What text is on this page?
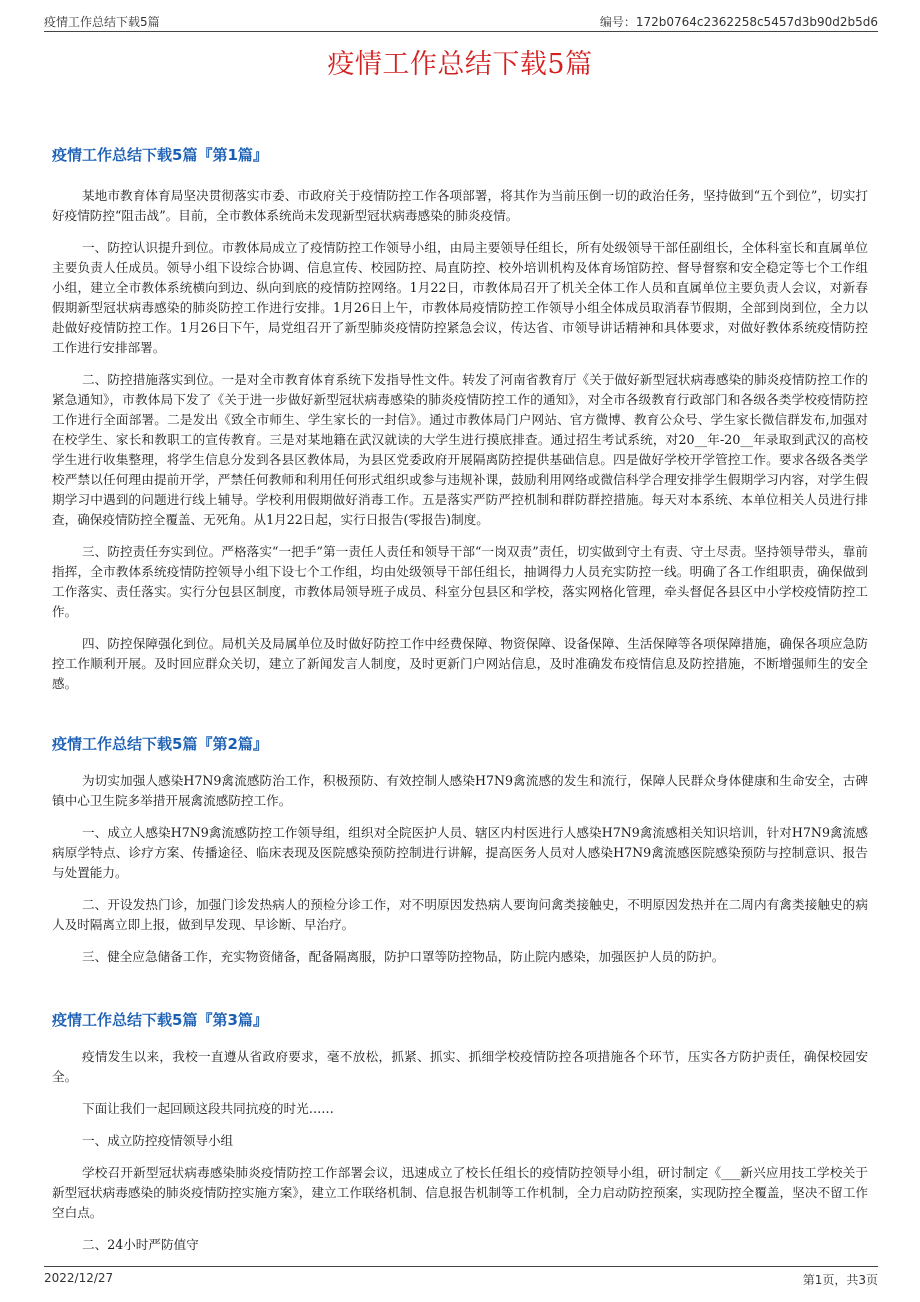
疫情工作总结下载5篇	编号：172b0764c2362258c5457d3b90d2b5d6
疫情工作总结下载5篇
疫情工作总结下载5篇『第1篇』

某地市教育体育局坚决贯彻落实市委、市政府关于疫情防控工作各项部署，将其作为当前压倒一切的政治任务，坚持做到“五个到位”，切实打好疫情防控“阻击战”。目前，全市教体系统尚未发现新型冠状病毒感染的肺炎疫情。

一、防控认识提升到位。市教体局成立了疫情防控工作领导小组，由局主要领导任组长，所有处级领导干部任副组长，全体科室长和直属单位主要负责人任成员。领导小组下设综合协调、信息宣传、校园防控、局直防控、校外培训机构及体育场馆防控、督导督察和安全稳定等七个工作组小组，建立全市教体系统横向到边、纵向到底的疫情防控网络。1月22日，市教体局召开了机关全体工作人员和直属单位主要负责人会议，对新春假期新型冠状病毒感染的肺炎防控工作进行安排。1月26日上午，市教体局疫情防控工作领导小组全体成员取消春节假期，全部到岗到位，全力以赴做好疫情防控工作。1月26日下午，局党组召开了新型肺炎疫情防控紧急会议，传达省、市领导讲话精神和具体要求，对做好教体系统疫情防控工作进行安排部署。

二、防控措施落实到位。一是对全市教育体育系统下发指导性文件。转发了河南省教育厅《关于做好新型冠状病毒感染的肺炎疫情防控工作的紧急通知》，市教体局下发了《关于进一步做好新型冠状病毒感染的肺炎疫情防控工作的通知》，对全市各级教育行政部门和各级各类学校疫情防控工作进行全面部署。二是发出《致全市师生、学生家长的一封信》。通过市教体局门户网站、官方微博、教育公众号、学生家长微信群发布,加强对在校学生、家长和教职工的宣传教育。三是对某地籍在武汉就读的大学生进行摸底排查。通过招生考试系统，对20__年-20__年录取到武汉的高校学生进行收集整理，将学生信息分发到各县区教体局，为县区党委政府开展隔离防控提供基础信息。四是做好学校开学管控工作。要求各级各类学校严禁以任何理由提前开学，严禁任何教师和利用任何形式组织或参与违规补课，鼓励利用网络或微信科学合理安排学生假期学习内容，对学生假期学习中遇到的问题进行线上辅导。学校利用假期做好消毒工作。五是落实严防严控机制和群防群控措施。每天对本系统、本单位相关人员进行排查，确保疫情防控全覆盖、无死角。从1月22日起，实行日报告(零报告)制度。

三、防控责任夯实到位。严格落实“一把手”第一责任人责任和领导干部“一岗双责”责任，切实做到守土有责、守土尽责。坚持领导带头，靠前指挥，全市教体系统疫情防控领导小组下设七个工作组，均由处级领导干部任组长，抽调得力人员充实防控一线。明确了各工作组职责，确保做到工作落实、责任落实。实行分包县区制度，市教体局领导班子成员、科室分包县区和学校，落实网格化管理，牵头督促各县区中小学校疫情防控工作。

四、防控保障强化到位。局机关及局属单位及时做好防控工作中经费保障、物资保障、设备保障、生活保障等各项保障措施，确保各项应急防控工作顺利开展。及时回应群众关切，建立了新闻发言人制度，及时更新门户网站信息，及时准确发布疫情信息及防控措施，不断增强师生的安全感。

疫情工作总结下载5篇『第2篇』

为切实加强人感染H7N9禽流感防治工作，积极预防、有效控制人感染H7N9禽流感的发生和流行，保障人民群众身体健康和生命安全，古碑镇中心卫生院多举措开展禽流感防控工作。

一、成立人感染H7N9禽流感防控工作领导组，组织对全院医护人员、辖区内村医进行人感染H7N9禽流感相关知识培训，针对H7N9禽流感病原学特点、诊疗方案、传播途径、临床表现及医院感染预防控制进行讲解，提高医务人员对人感染H7N9禽流感医院感染预防与控制意识、报告与处置能力。

二、开设发热门诊，加强门诊发热病人的预检分诊工作，对不明原因发热病人要询问禽类接触史，不明原因发热并在二周内有禽类接触史的病人及时隔离立即上报，做到早发现、早诊断、早治疗。

三、健全应急储备工作，充实物资储备，配备隔离服，防护口罩等防控物品，防止院内感染，加强医护人员的防护。

疫情工作总结下载5篇『第3篇』

疫情发生以来，我校一直遵从省政府要求，毫不放松，抓紧、抓实、抓细学校疫情防控各项措施各个环节，压实各方防护责任，确保校园安全。

下面让我们一起回顾这段共同抗疫的时光……

一、成立防控疫情领导小组

学校召开新型冠状病毒感染肺炎疫情防控工作部署会议，迅速成立了校长任组长的疫情防控领导小组，研讨制定《___新兴应用技工学校关于新型冠状病毒感染的肺炎疫情防控实施方案》，建立工作联络机制、信息报告机制等工作机制，全力启动防控预案，实现防控全覆盖，坚决不留工作空白点。

二、24小时严防值守

2022/12/27	第1页，共3页
